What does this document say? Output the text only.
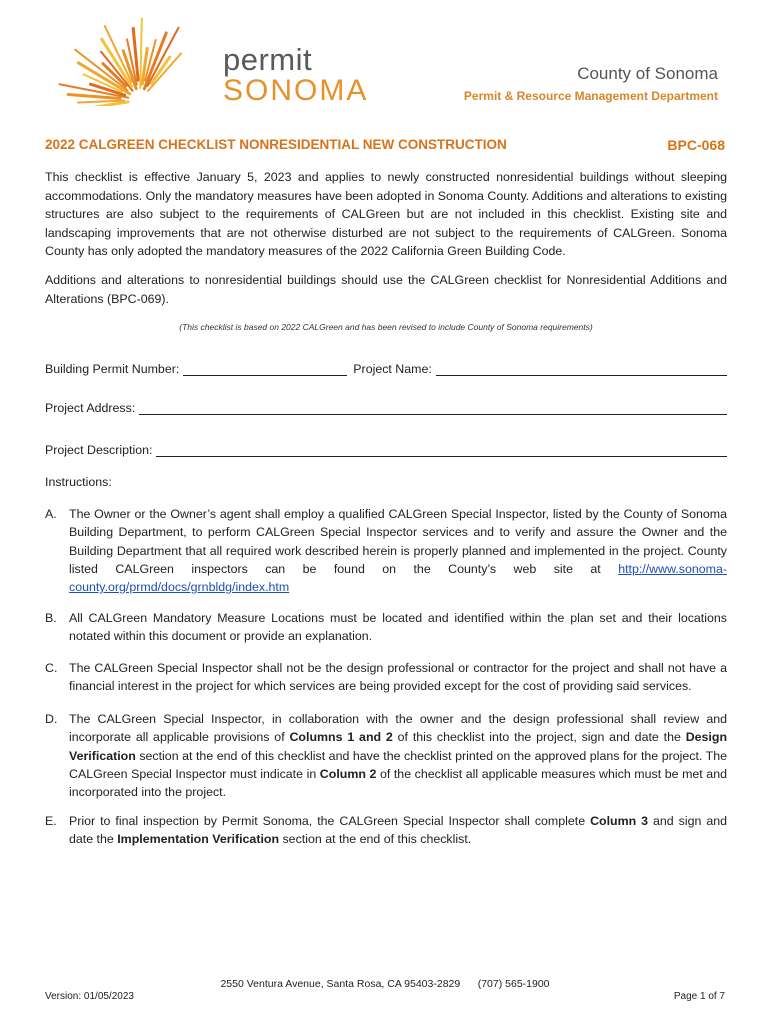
permit
SONOMA
County of Sonoma
Permit & Resource Management Department
2022 CALGREEN CHECKLIST NONRESIDENTIAL NEW CONSTRUCTION	BPC-068
This checklist is effective January 5, 2023 and applies to newly constructed nonresidential buildings without sleeping accommodations. Only the mandatory measures have been adopted in Sonoma County. Additions and alterations to existing structures are also subject to the requirements of CALGreen but are not included in this checklist. Existing site and landscaping improvements that are not otherwise disturbed are not subject to the requirements of CALGreen. Sonoma County has only adopted the mandatory measures of the 2022 California Green Building Code.
Additions and alterations to nonresidential buildings should use the CALGreen checklist for Nonresidential Additions and Alterations (BPC-069).
(This checklist is based on 2022 CALGreen and has been revised to include County of Sonoma requirements)
Building Permit Number:	Project Name:
Project Address:
Project Description:
Instructions:
A. The Owner or the Owner’s agent shall employ a qualified CALGreen Special Inspector, listed by the County of Sonoma Building Department, to perform CALGreen Special Inspector services and to verify and assure the Owner and the Building Department that all required work described herein is properly planned and implemented in the project. County listed CALGreen inspectors can be found on the County’s web site at http://www.sonoma-county.org/prmd/docs/grnbldg/index.htm
B. All CALGreen Mandatory Measure Locations must be located and identified within the plan set and their locations notated within this document or provide an explanation.
C. The CALGreen Special Inspector shall not be the design professional or contractor for the project and shall not have a financial interest in the project for which services are being provided except for the cost of providing said services.
D. The CALGreen Special Inspector, in collaboration with the owner and the design professional shall review and incorporate all applicable provisions of Columns 1 and 2 of this checklist into the project, sign and date the Design Verification section at the end of this checklist and have the checklist printed on the approved plans for the project. The CALGreen Special Inspector must indicate in Column 2 of the checklist all applicable measures which must be met and incorporated into the project.
E. Prior to final inspection by Permit Sonoma, the CALGreen Special Inspector shall complete Column 3 and sign and date the Implementation Verification section at the end of this checklist.
2550 Ventura Avenue, Santa Rosa, CA 95403-2829      (707) 565-1900
Version: 01/05/2023	Page 1 of 7
